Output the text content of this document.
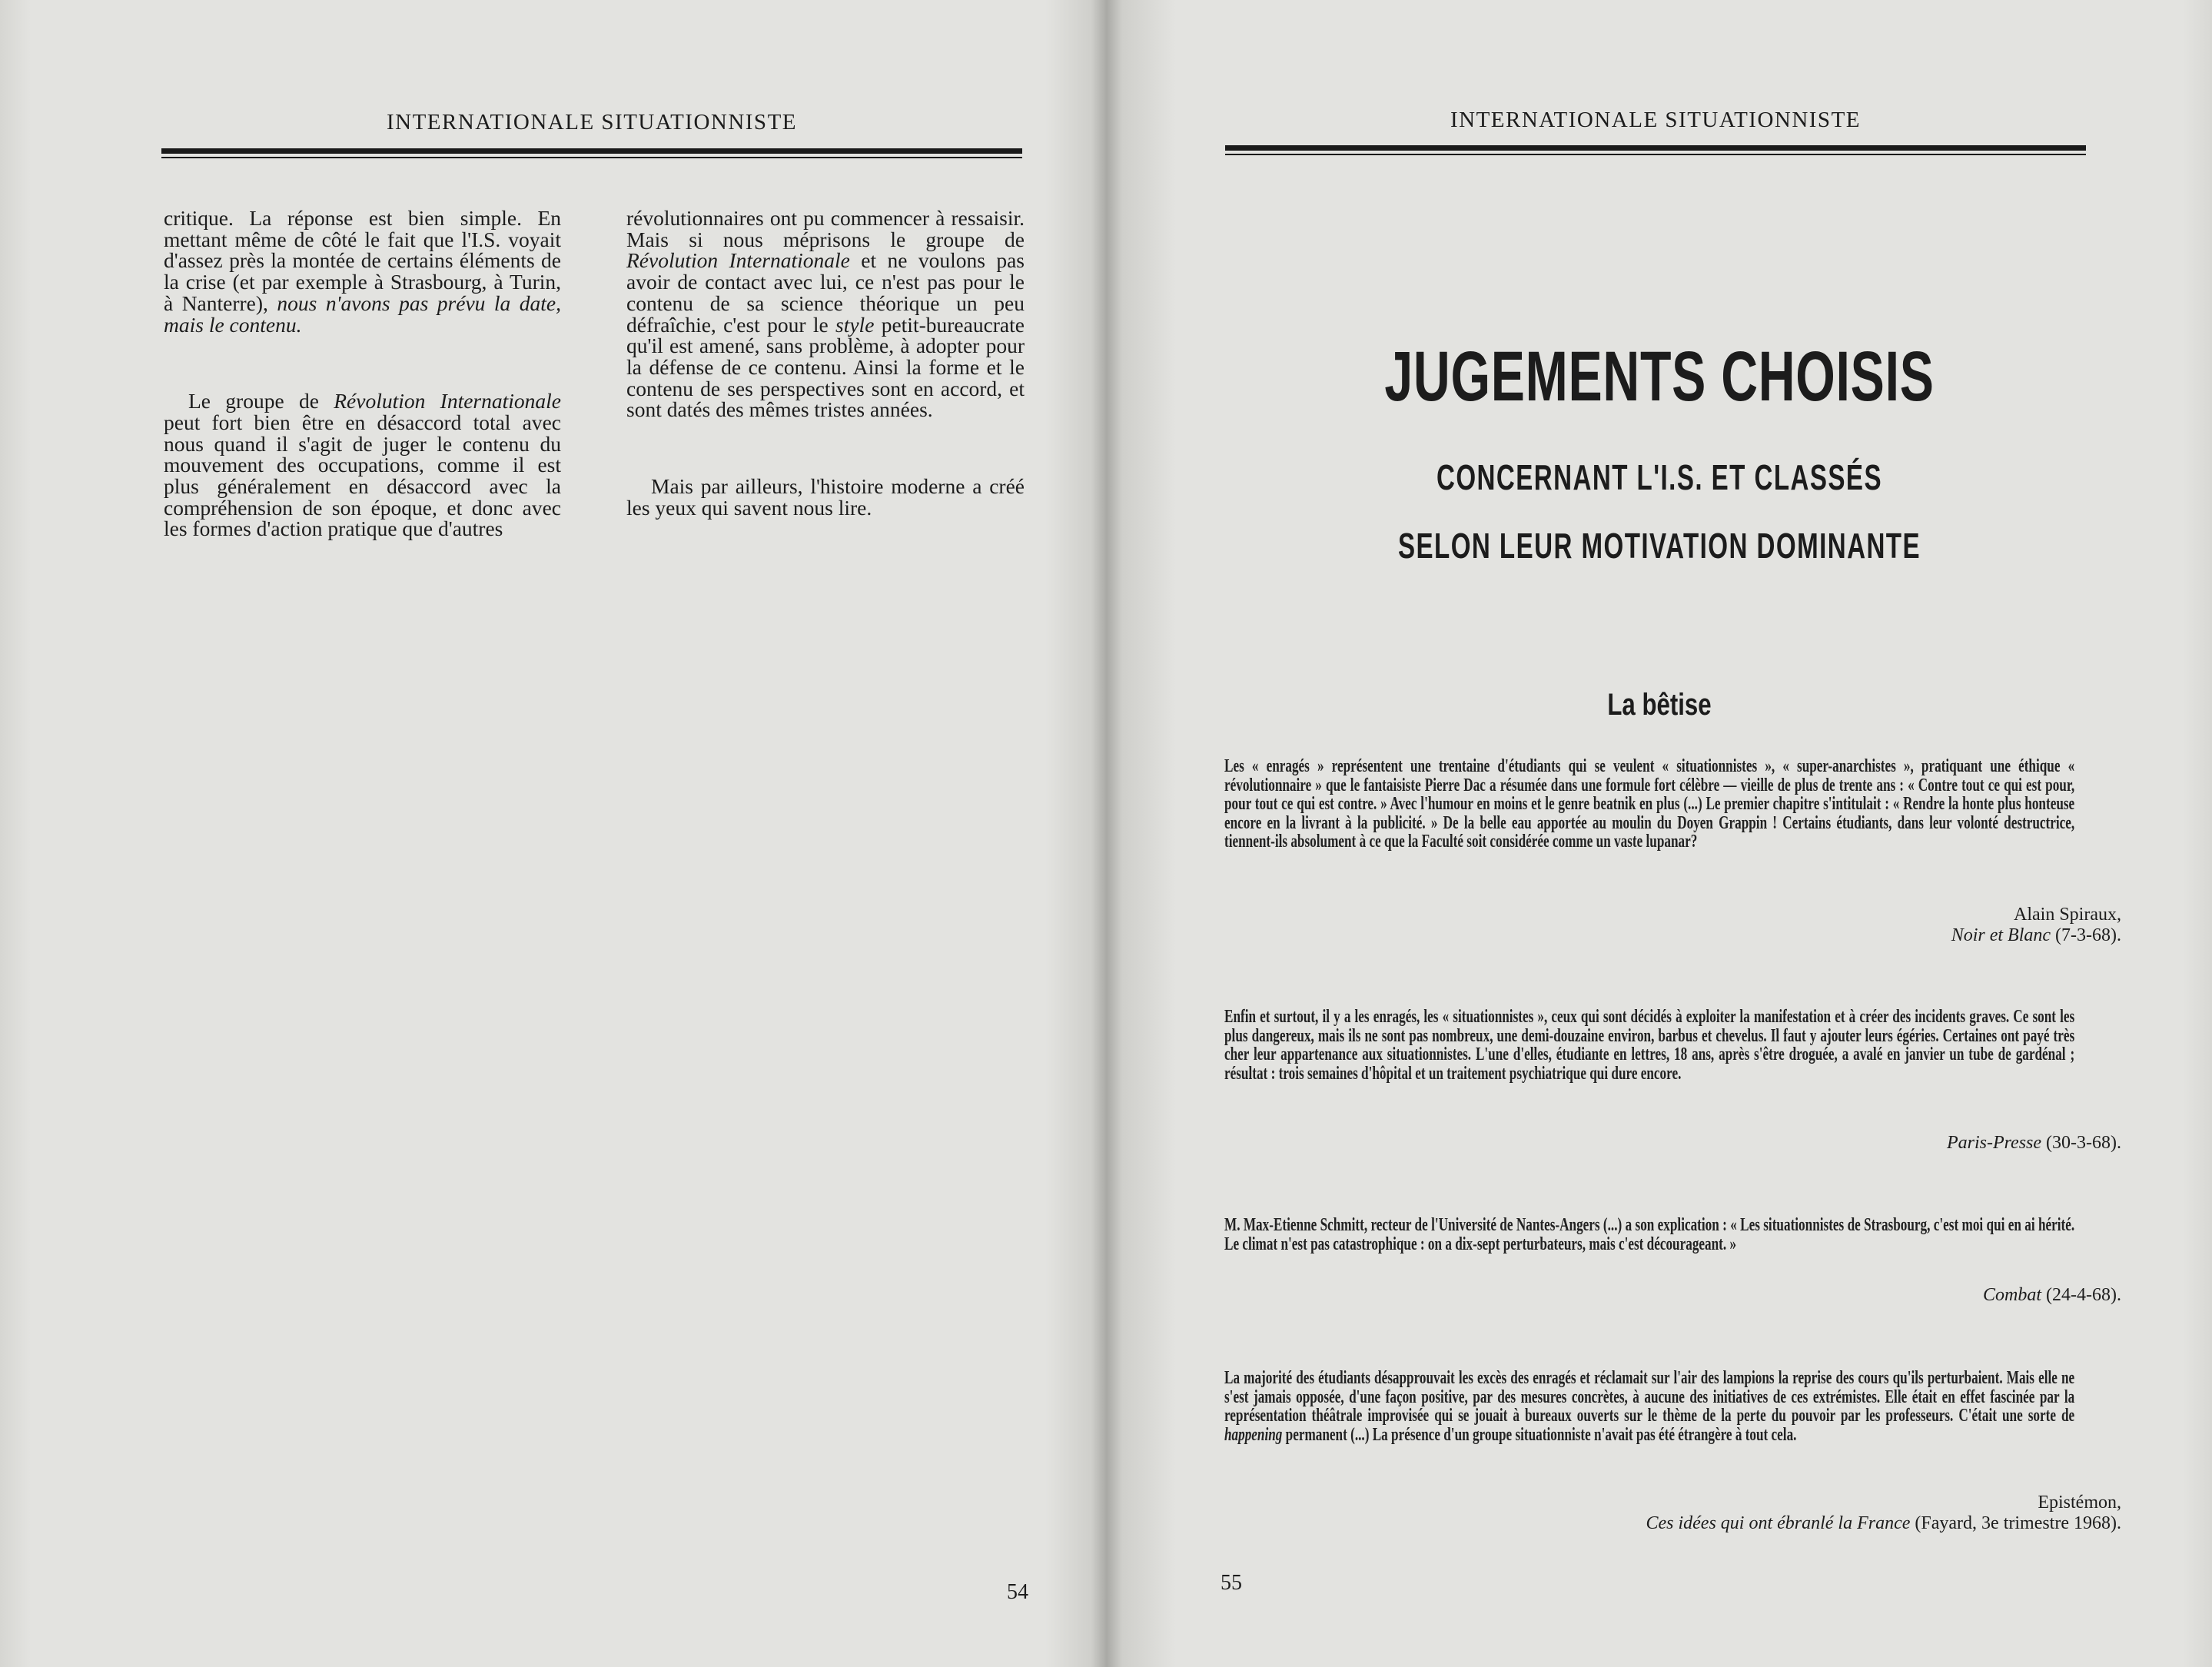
INTERNATIONALE SITUATIONNISTE

critique. La réponse est bien simple. En mettant même de côté le fait que l'I.S. voyait d'assez près la montée de certains éléments de la crise (et par exemple à Strasbourg, à Turin, à Nanterre), nous n'avons pas prévu la date, mais le contenu.

Le groupe de Révolution Internationale peut fort bien être en désaccord total avec nous quand il s'agit de juger le contenu du mouvement des occupations, comme il est plus généralement en désaccord avec la compréhension de son époque, et donc avec les formes d'action pratique que d'autres

révolutionnaires ont pu commencer à ressaisir. Mais si nous méprisons le groupe de Révolution Internationale et ne voulons pas avoir de contact avec lui, ce n'est pas pour le contenu de sa science théorique un peu défraîchie, c'est pour le style petit-bureaucrate qu'il est amené, sans problème, à adopter pour la défense de ce contenu. Ainsi la forme et le contenu de ses perspectives sont en accord, et sont datés des mêmes tristes années.

Mais par ailleurs, l'histoire moderne a créé les yeux qui savent nous lire.

54
INTERNATIONALE SITUATIONNISTE
JUGEMENTS CHOISIS
CONCERNANT L'I.S. ET CLASSÉS
SELON LEUR MOTIVATION DOMINANTE
La bêtise

Les « enragés » représentent une trentaine d'étudiants qui se veulent « situationnistes », « super-anarchistes », pratiquant une éthique « révolutionnaire » que le fantaisiste Pierre Dac a résumée dans une formule fort célèbre — vieille de plus de trente ans : « Contre tout ce qui est pour, pour tout ce qui est contre. » Avec l'humour en moins et le genre beatnik en plus (...) Le premier chapitre s'intitulait : « Rendre la honte plus honteuse encore en la livrant à la publicité. » De la belle eau apportée au moulin du Doyen Grappin ! Certains étudiants, dans leur volonté destructrice, tiennent-ils absolument à ce que la Faculté soit considérée comme un vaste lupanar?

Alain Spiraux,
Noir et Blanc (7-3-68).

Enfin et surtout, il y a les enragés, les « situationnistes », ceux qui sont décidés à exploiter la manifestation et à créer des incidents graves. Ce sont les plus dangereux, mais ils ne sont pas nombreux, une demi-douzaine environ, barbus et chevelus. Il faut y ajouter leurs égéries. Certaines ont payé très cher leur appartenance aux situationnistes. L'une d'elles, étudiante en lettres, 18 ans, après s'être droguée, a avalé en janvier un tube de gardénal ; résultat : trois semaines d'hôpital et un traitement psychiatrique qui dure encore.

Paris-Presse (30-3-68).

M. Max-Etienne Schmitt, recteur de l'Université de Nantes-Angers (...) a son explication : « Les situationnistes de Strasbourg, c'est moi qui en ai hérité. Le climat n'est pas catastrophique : on a dix-sept perturbateurs, mais c'est décourageant. »

Combat (24-4-68).

La majorité des étudiants désapprouvait les excès des enragés et réclamait sur l'air des lampions la reprise des cours qu'ils perturbaient. Mais elle ne s'est jamais opposée, d'une façon positive, par des mesures concrètes, à aucune des initiatives de ces extrémistes. Elle était en effet fascinée par la représentation théâtrale improvisée qui se jouait à bureaux ouverts sur le thème de la perte du pouvoir par les professeurs. C'était une sorte de happening permanent (...) La présence d'un groupe situationniste n'avait pas été étrangère à tout cela.

Epistémon,
Ces idées qui ont ébranlé la France (Fayard, 3e trimestre 1968).
55
